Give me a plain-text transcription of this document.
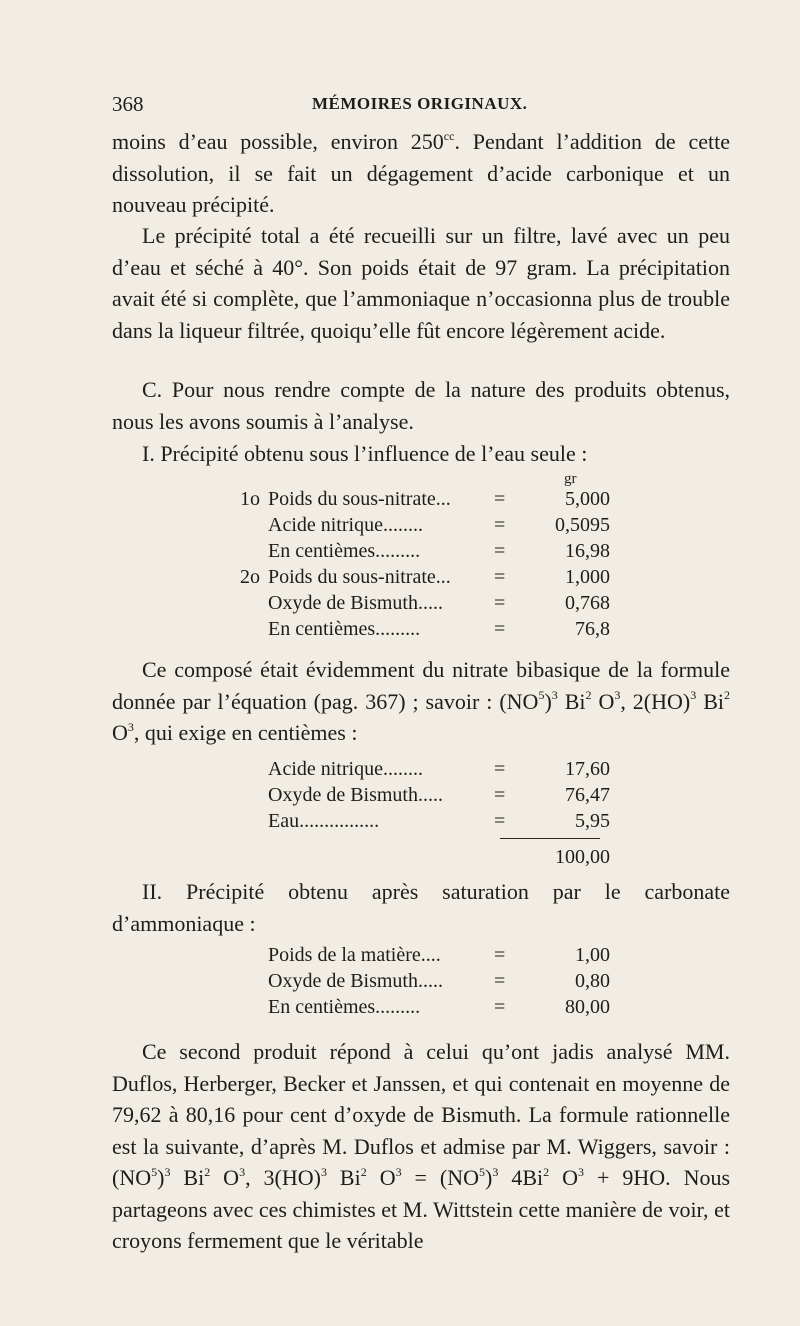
368	MÉMOIRES ORIGINAUX.

moins d’eau possible, environ $250^{cc}$. Pendant l’addition de cette dissolution, il se fait un dégagement d’acide carbonique et un nouveau précipité.

Le précipité total a été recueilli sur un filtre, lavé avec un peu d’eau et séché à 40°. Son poids était de 97 gram. La précipitation avait été si complète, que l’ammoniaque n’occasionna plus de trouble dans la liqueur filtrée, quoiqu’elle fût encore légèrement acide.

C. Pour nous rendre compte de la nature des produits obtenus, nous les avons soumis à l’analyse.

I. Précipité obtenu sous l’influence de l’eau seule :

gr
1o Poids du sous-nitrate... =	5,000
Acide nitrique........	=	0,5095
En centièmes.........	=	16,98
2o Poids du sous-nitrate... =	1,000
Oxyde de Bismuth.....	=	0,768
En centièmes.........	=	76,8

Ce composé était évidemment du nitrate bibasique de la formule donnée par l’équation (pag. 367) ; savoir : $(NO^5)^3$ Bi$^2$ $O^3$, 2(HO)$^3$ Bi$^2$ $O^3$, qui exige en centièmes :

Acide nitrique........	=	17,60
Oxyde de Bismuth.....	=	76,47
Eau................	=	5,95
100,00

II. Précipité obtenu après saturation par le carbonate d’ammoniaque :

Poids de la matière....	=	1,00
Oxyde de Bismuth.....	=	0,80
En centièmes.........	=	80,00

Ce second produit répond à celui qu’ont jadis analysé MM. Duflos, Herberger, Becker et Janssen, et qui contenait en moyenne de 79,62 à 80,16 pour cent d’oxyde de Bismuth. La formule rationnelle est la suivante, d’après M. Duflos et admise par M. Wiggers, savoir : $(NO^5)^3$ Bi$^2$ $O^3$, 3(HO)$^3$ Bi$^2$ $O^3 = (NO^5)^3$ 4Bi$^2$ $O^3 + 9HO$. Nous partageons avec ces chimistes et M. Wittstein cette manière de voir, et croyons fermement que le véritable
